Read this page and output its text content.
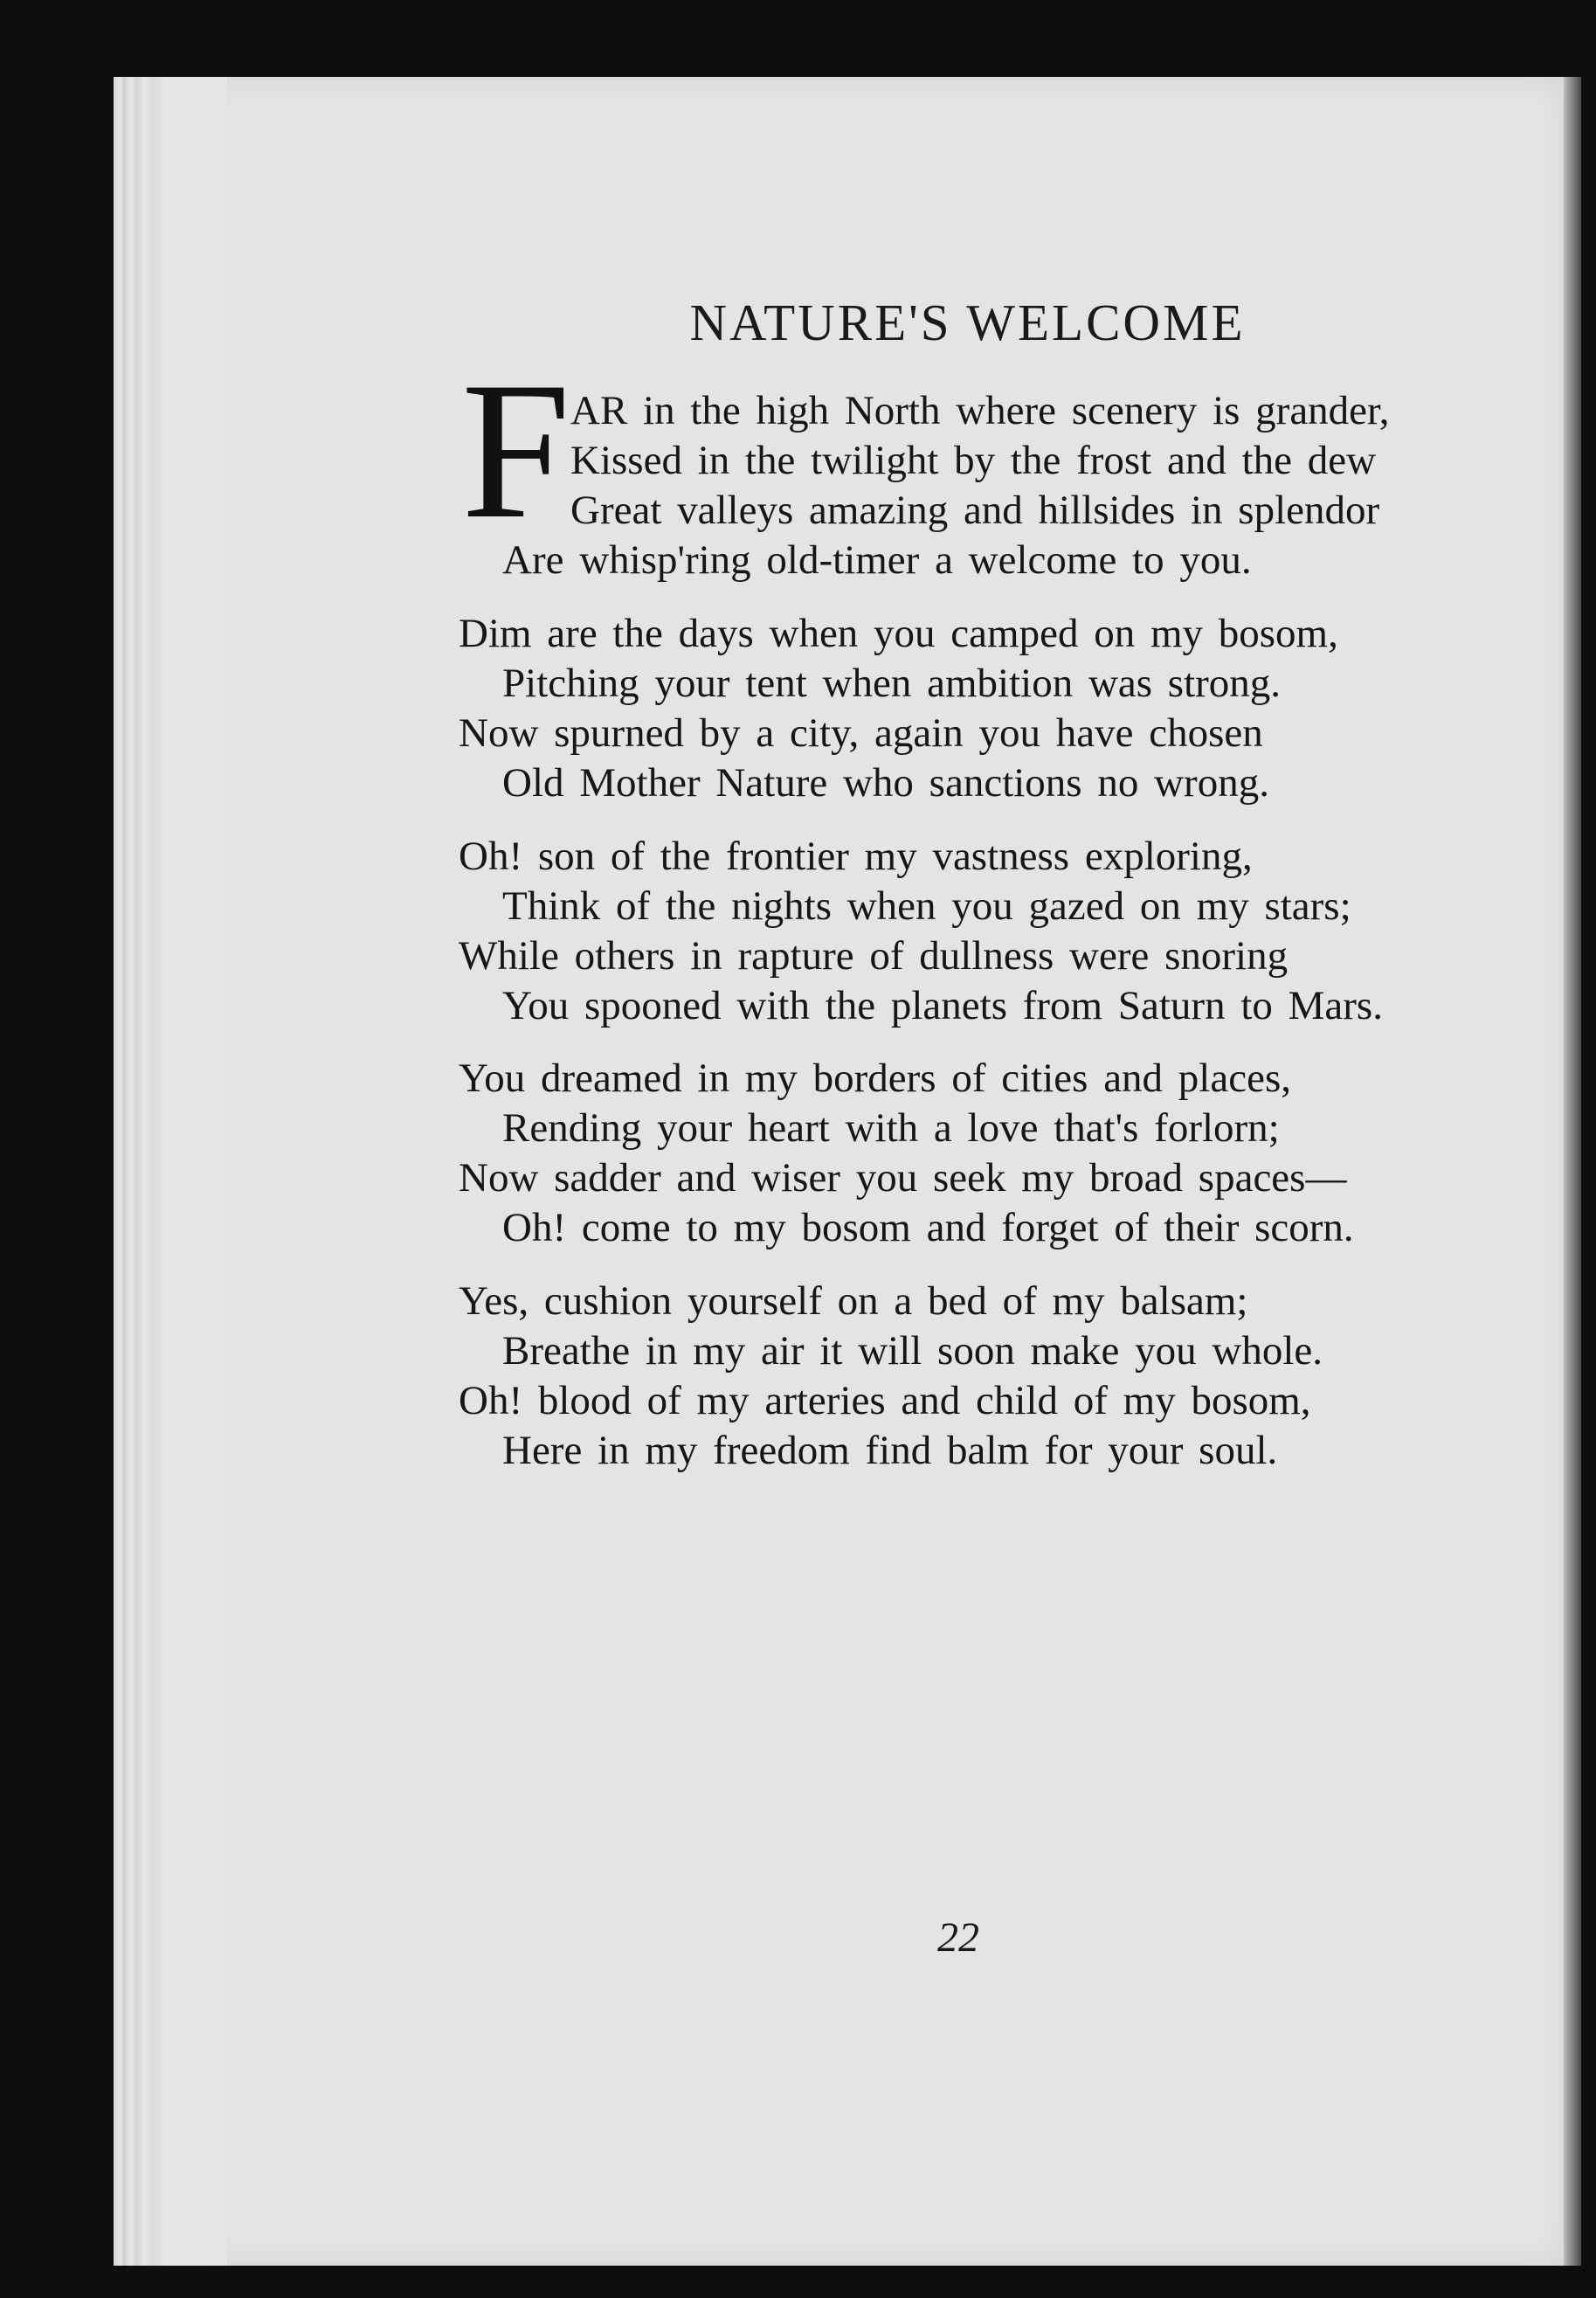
NATURE'S WELCOME
F AR in the high North where scenery is grander,
Kissed in the twilight by the frost and the dew
Great valleys amazing and hillsides in splendor
Are whisp'ring old-timer a welcome to you.
Dim are the days when you camped on my bosom,
Pitching your tent when ambition was strong.
Now spurned by a city, again you have chosen
Old Mother Nature who sanctions no wrong.
Oh! son of the frontier my vastness exploring,
Think of the nights when you gazed on my stars;
While others in rapture of dullness were snoring
You spooned with the planets from Saturn to Mars.
You dreamed in my borders of cities and places,
Rending your heart with a love that's forlorn;
Now sadder and wiser you seek my broad spaces—
Oh! come to my bosom and forget of their scorn.
Yes, cushion yourself on a bed of my balsam;
Breathe in my air it will soon make you whole.
Oh! blood of my arteries and child of my bosom,
Here in my freedom find balm for your soul.
22
